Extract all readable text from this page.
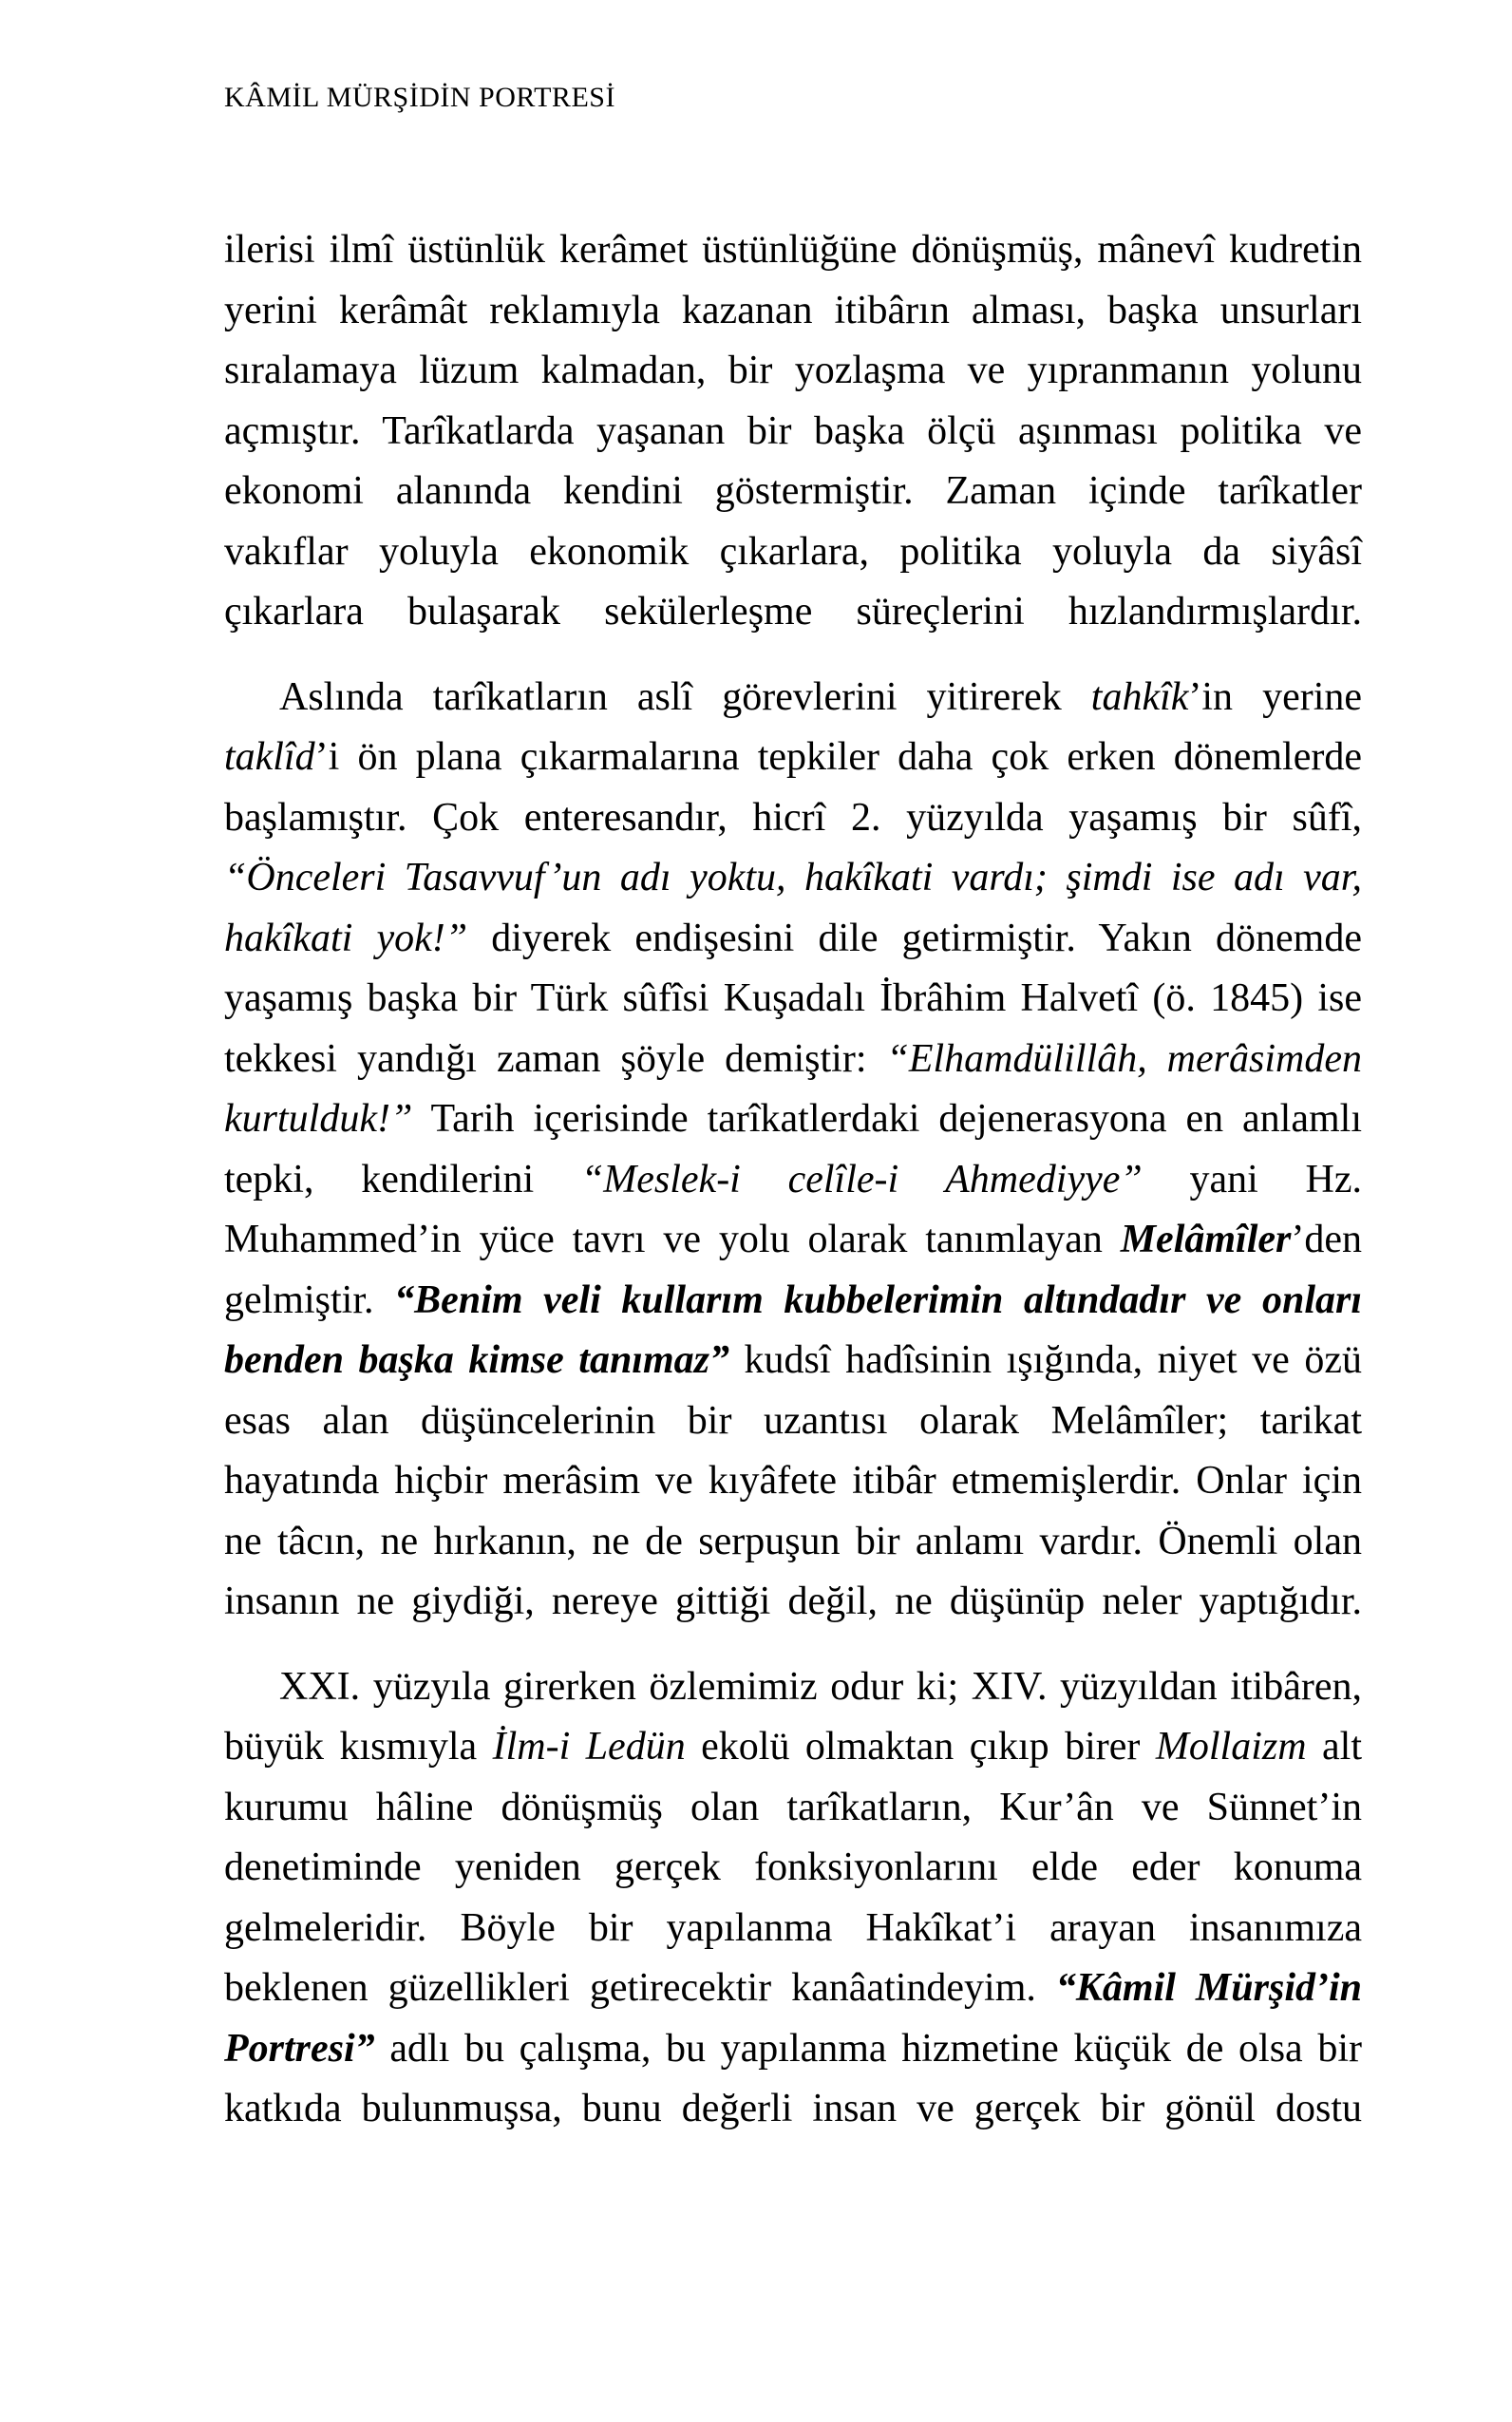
KÂMİL MÜRŞİDİN PORTRESİ

ilerisi ilmî üstünlük kerâmet üstünlüğüne dönüşmüş, mânevî kudretin yerini kerâmât reklamıyla kazanan itibârın alması, başka unsurları sıralamaya lüzum kalmadan, bir yozlaşma ve yıpranmanın yolunu açmıştır. Tarîkatlarda yaşanan bir başka ölçü aşınması politika ve ekonomi alanında kendini göstermiştir. Zaman içinde tarîkatler vakıflar yoluyla ekonomik çıkarlara, politika yoluyla da siyâsî çıkarlara bulaşarak sekülerleşme süreçlerini hızlandırmışlardır.

Aslında tarîkatların aslî görevlerini yitirerek tahkîk’in yerine taklîd’i ön plana çıkarmalarına tepkiler daha çok erken dönemlerde başlamıştır. Çok enteresandır, hicrî 2. yüzyılda yaşamış bir sûfî, “Önceleri Tasavvuf’un adı yoktu, hakîkati vardı; şimdi ise adı var, hakîkati yok!” diyerek endişesini dile getirmiştir. Yakın dönemde yaşamış başka bir Türk sûfîsi Kuşadalı İbrâhim Halvetî (ö. 1845) ise tekkesi yandığı zaman şöyle demiştir: “Elhamdülillâh, merâsimden kurtulduk!” Tarih içerisinde tarîkatlerdaki dejenerasyona en anlamlı tepki, kendilerini “Meslek-i celîle-i Ahmediyye” yani Hz. Muhammed’in yüce tavrı ve yolu olarak tanımlayan Melâmîler’den gelmiştir. “Benim veli kullarım kubbelerimin altındadır ve onları benden başka kimse tanımaz” kudsî hadîsinin ışığında, niyet ve özü esas alan düşüncelerinin bir uzantısı olarak Melâmîler; tarikat hayatında hiçbir merâsim ve kıyâfete itibâr etmemişlerdir. Onlar için ne tâcın, ne hırkanın, ne de serpuşun bir anlamı vardır. Önemli olan insanın ne giydiği, nereye gittiği değil, ne düşünüp neler yaptığıdır.

XXI. yüzyıla girerken özlemimiz odur ki; XIV. yüzyıldan itibâren, büyük kısmıyla İlm-i Ledün ekolü olmaktan çıkıp birer Mollaizm alt kurumu hâline dönüşmüş olan tarîkatların, Kur’ân ve Sünnet’in denetiminde yeniden gerçek fonksiyonlarını elde eder konuma gelmeleridir. Böyle bir yapılanma Hakîkat’i arayan insanımıza beklenen güzellikleri getirecektir kanâatindeyim. “Kâmil Mürşid’in Portresi” adlı bu çalışma, bu yapılanma hizmetine küçük de olsa bir katkıda bulunmuşsa, bunu değerli insan ve gerçek bir gönül dostu
